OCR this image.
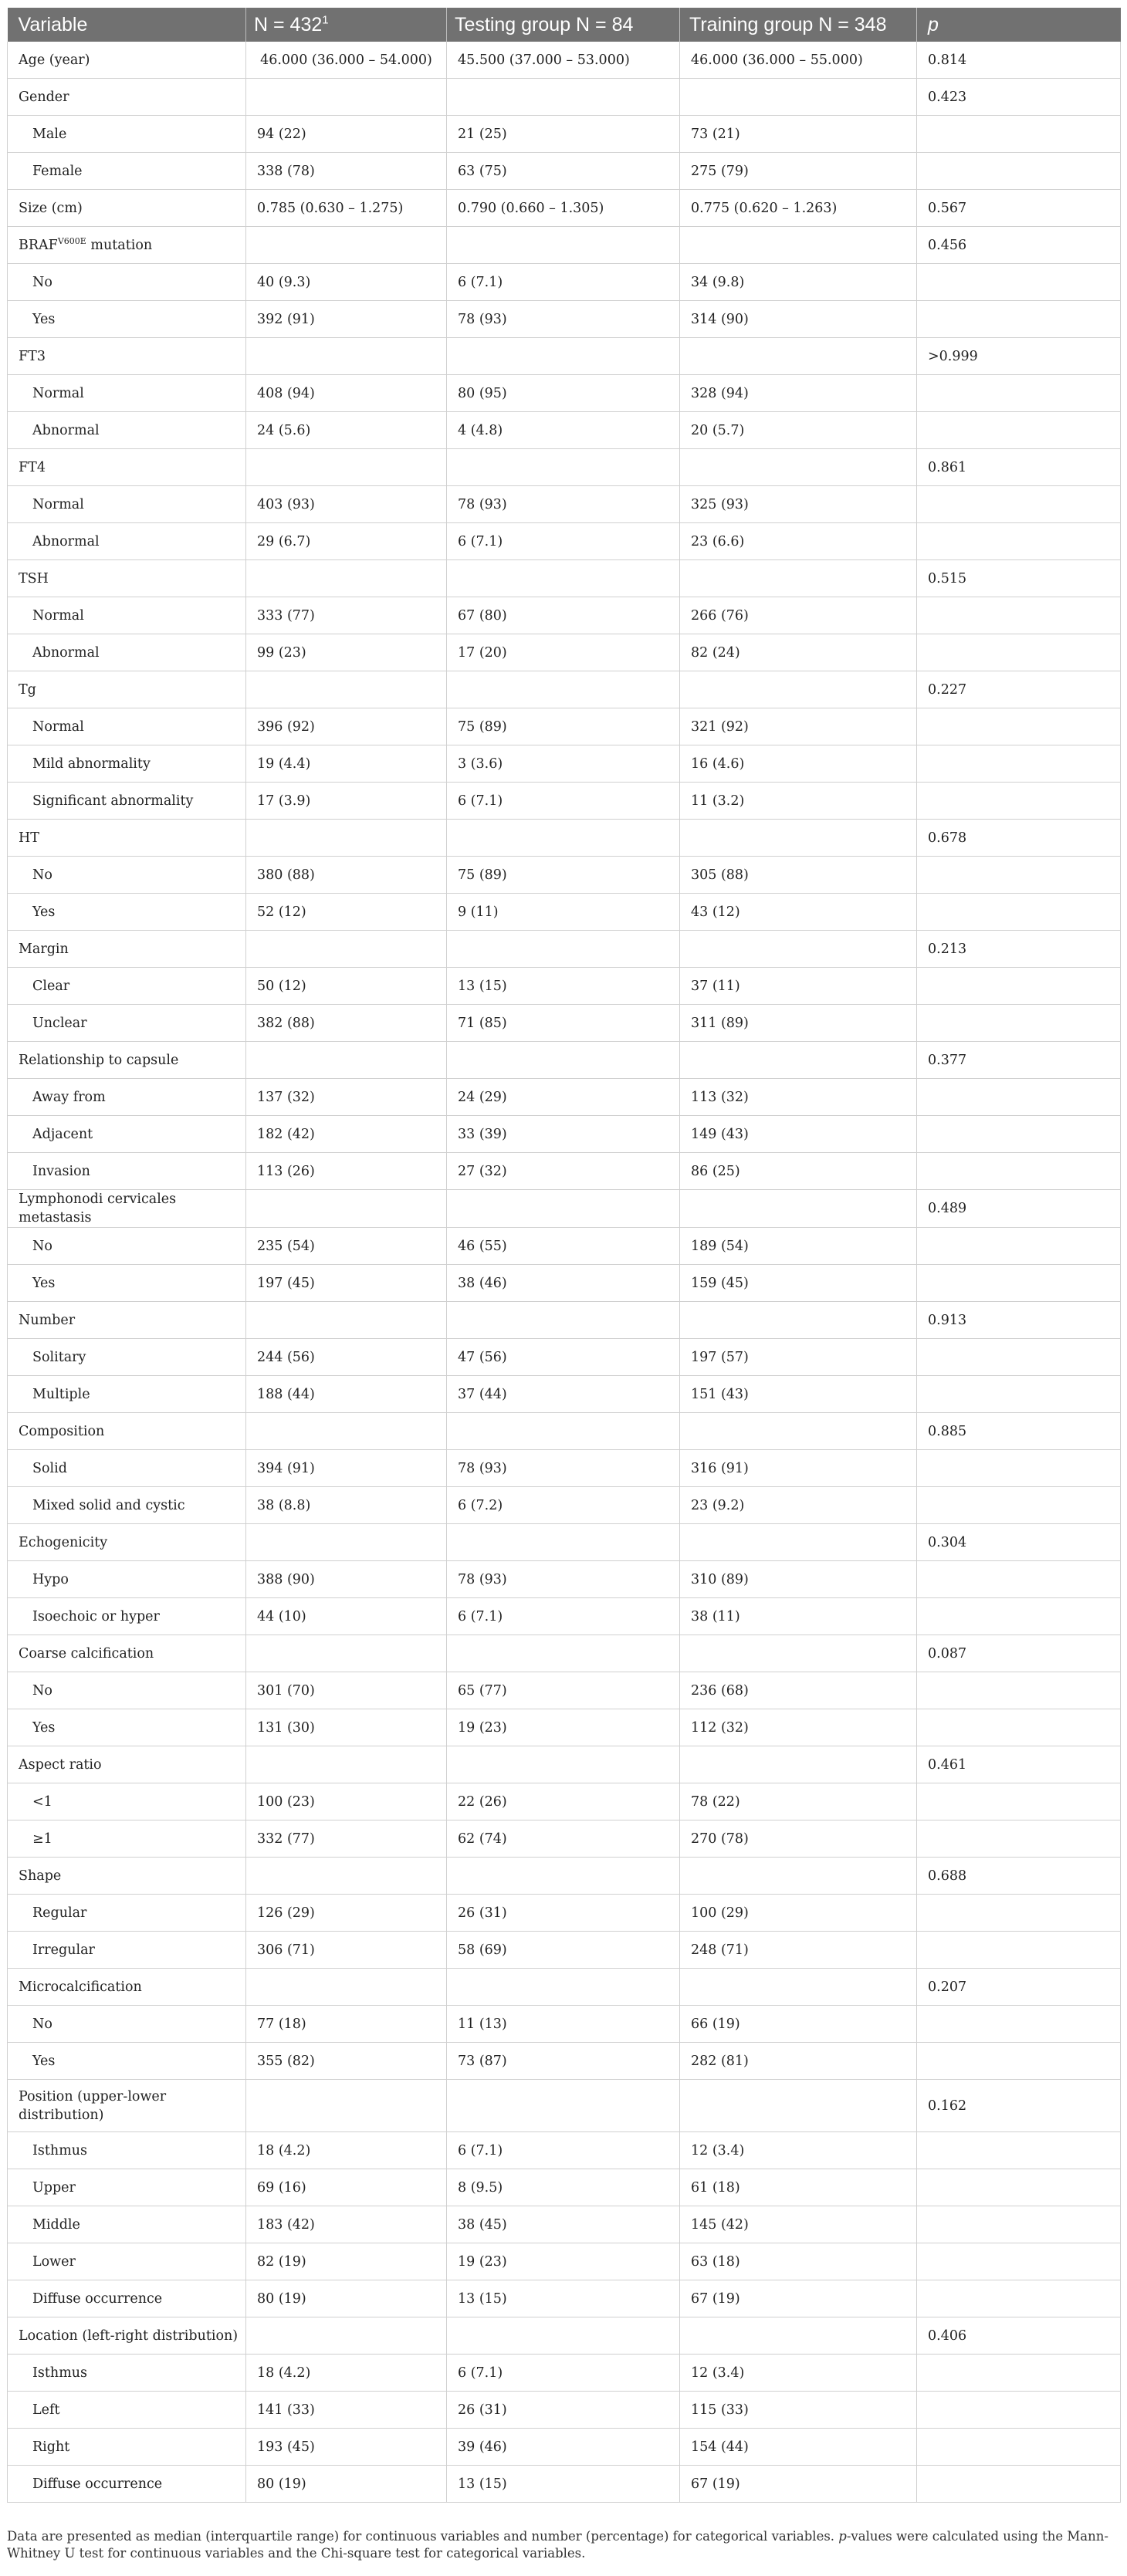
Variable	$N = 432^1$	Testing group N = 84	Training group N = 348	p
Age (year)	46.000 (36.000 – 54.000)	45.500 (37.000 – 53.000)	46.000 (36.000 – 55.000)	0.814
Gender				0.423
Male	94 (22)	21 (25)	73 (21)	
Female	338 (78)	63 (75)	275 (79)	
Size (cm)	0.785 (0.630 – 1.275)	0.790 (0.660 – 1.305)	0.775 (0.620 – 1.263)	0.567
$BRAF^{V600E}$ mutation				0.456
No	40 (9.3)	6 (7.1)	34 (9.8)	
Yes	392 (91)	78 (93)	314 (90)	
FT3				>0.999
Normal	408 (94)	80 (95)	328 (94)	
Abnormal	24 (5.6)	4 (4.8)	20 (5.7)	
FT4				0.861
Normal	403 (93)	78 (93)	325 (93)	
Abnormal	29 (6.7)	6 (7.1)	23 (6.6)	
TSH				0.515
Normal	333 (77)	67 (80)	266 (76)	
Abnormal	99 (23)	17 (20)	82 (24)	
Tg				0.227
Normal	396 (92)	75 (89)	321 (92)	
Mild abnormality	19 (4.4)	3 (3.6)	16 (4.6)	
Significant abnormality	17 (3.9)	6 (7.1)	11 (3.2)	
HT				0.678
No	380 (88)	75 (89)	305 (88)	
Yes	52 (12)	9 (11)	43 (12)	
Margin				0.213
Clear	50 (12)	13 (15)	37 (11)	
Unclear	382 (88)	71 (85)	311 (89)	
Relationship to capsule				0.377
Away from	137 (32)	24 (29)	113 (32)	
Adjacent	182 (42)	33 (39)	149 (43)	
Invasion	113 (26)	27 (32)	86 (25)	
Lymphonodi cervicales metastasis				0.489
No	235 (54)	46 (55)	189 (54)	
Yes	197 (45)	38 (46)	159 (45)	
Number				0.913
Solitary	244 (56)	47 (56)	197 (57)	
Multiple	188 (44)	37 (44)	151 (43)	
Composition				0.885
Solid	394 (91)	78 (93)	316 (91)	
Mixed solid and cystic	38 (8.8)	6 (7.2)	23 (9.2)	
Echogenicity				0.304
Hypo	388 (90)	78 (93)	310 (89)	
Isoechoic or hyper	44 (10)	6 (7.1)	38 (11)	
Coarse calcification				0.087
No	301 (70)	65 (77)	236 (68)	
Yes	131 (30)	19 (23)	112 (32)	
Aspect ratio				0.461
<1	100 (23)	22 (26)	78 (22)	
≥1	332 (77)	62 (74)	270 (78)	
Shape				0.688
Regular	126 (29)	26 (31)	100 (29)	
Irregular	306 (71)	58 (69)	248 (71)	
Microcalcification				0.207
No	77 (18)	11 (13)	66 (19)	
Yes	355 (82)	73 (87)	282 (81)	
Position (upper-lower distribution)				0.162
Isthmus	18 (4.2)	6 (7.1)	12 (3.4)	
Upper	69 (16)	8 (9.5)	61 (18)	
Middle	183 (42)	38 (45)	145 (42)	
Lower	82 (19)	19 (23)	63 (18)	
Diffuse occurrence	80 (19)	13 (15)	67 (19)	
Location (left-right distribution)				0.406
Isthmus	18 (4.2)	6 (7.1)	12 (3.4)	
Left	141 (33)	26 (31)	115 (33)	
Right	193 (45)	39 (46)	154 (44)	
Diffuse occurrence	80 (19)	13 (15)	67 (19)	
Data are presented as median (interquartile range) for continuous variables and number (percentage) for categorical variables. p-values were calculated using the Mann-Whitney U test for continuous variables and the Chi-square test for categorical variables.
